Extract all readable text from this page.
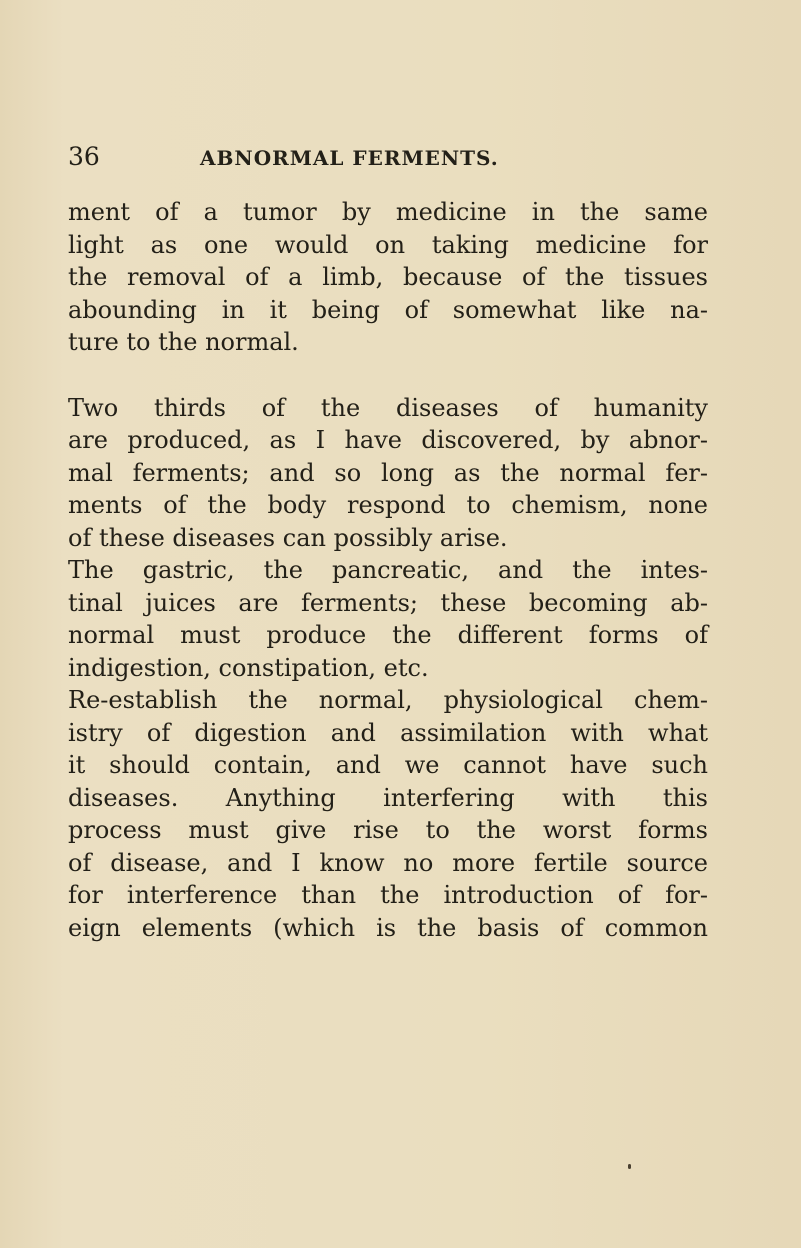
36	ABNORMAL FERMENTS.
ment of a tumor by medicine in the same
light as one would on taking medicine for
the removal of a limb, because of the tissues
abounding in it being of somewhat like na-
ture to the normal.
Two thirds of the diseases of humanity
are produced, as I have discovered, by abnor-
mal ferments; and so long as the normal fer-
ments of the body respond to chemism, none
of these diseases can possibly arise.
The gastric, the pancreatic, and the intes-
tinal juices are ferments; these becoming ab-
normal must produce the different forms of
indigestion, constipation, etc.
Re-establish the normal, physiological chem-
istry of digestion and assimilation with what
it should contain, and we cannot have such
diseases. Anything interfering with this
process must give rise to the worst forms
of disease, and I know no more fertile source
for interference than the introduction of for-
eign elements (which is the basis of common
